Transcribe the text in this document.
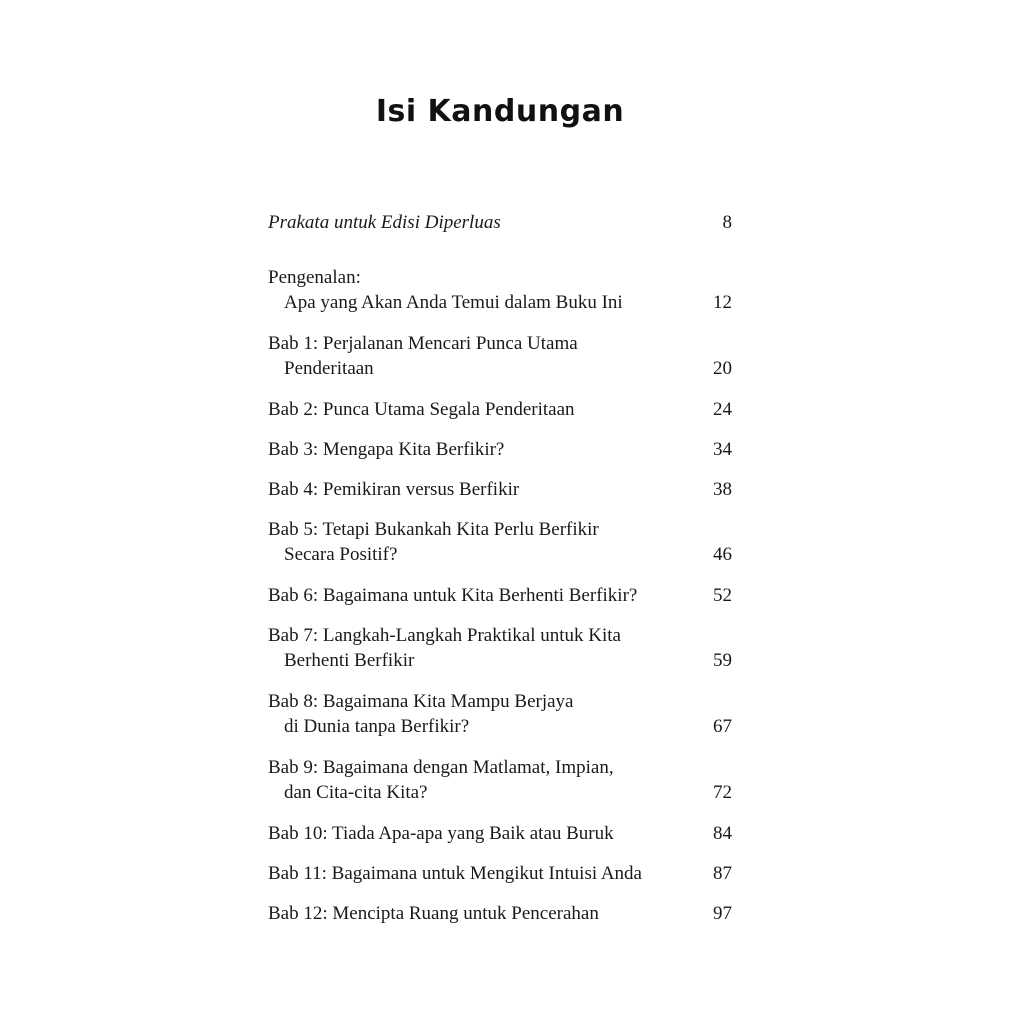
Isi Kandungan
Prakata untuk Edisi Diperluas	8
Pengenalan:
Apa yang Akan Anda Temui dalam Buku Ini	12
Bab 1: Perjalanan Mencari Punca Utama
Penderitaan	20
Bab 2: Punca Utama Segala Penderitaan	24
Bab 3: Mengapa Kita Berfikir?	34
Bab 4: Pemikiran versus Berfikir	38
Bab 5: Tetapi Bukankah Kita Perlu Berfikir
Secara Positif?	46
Bab 6: Bagaimana untuk Kita Berhenti Berfikir?	52
Bab 7: Langkah-Langkah Praktikal untuk Kita
Berhenti Berfikir	59
Bab 8: Bagaimana Kita Mampu Berjaya
di Dunia tanpa Berfikir?	67
Bab 9: Bagaimana dengan Matlamat, Impian,
dan Cita-cita Kita?	72
Bab 10: Tiada Apa-apa yang Baik atau Buruk	84
Bab 11: Bagaimana untuk Mengikut Intuisi Anda	87
Bab 12: Mencipta Ruang untuk Pencerahan	97
